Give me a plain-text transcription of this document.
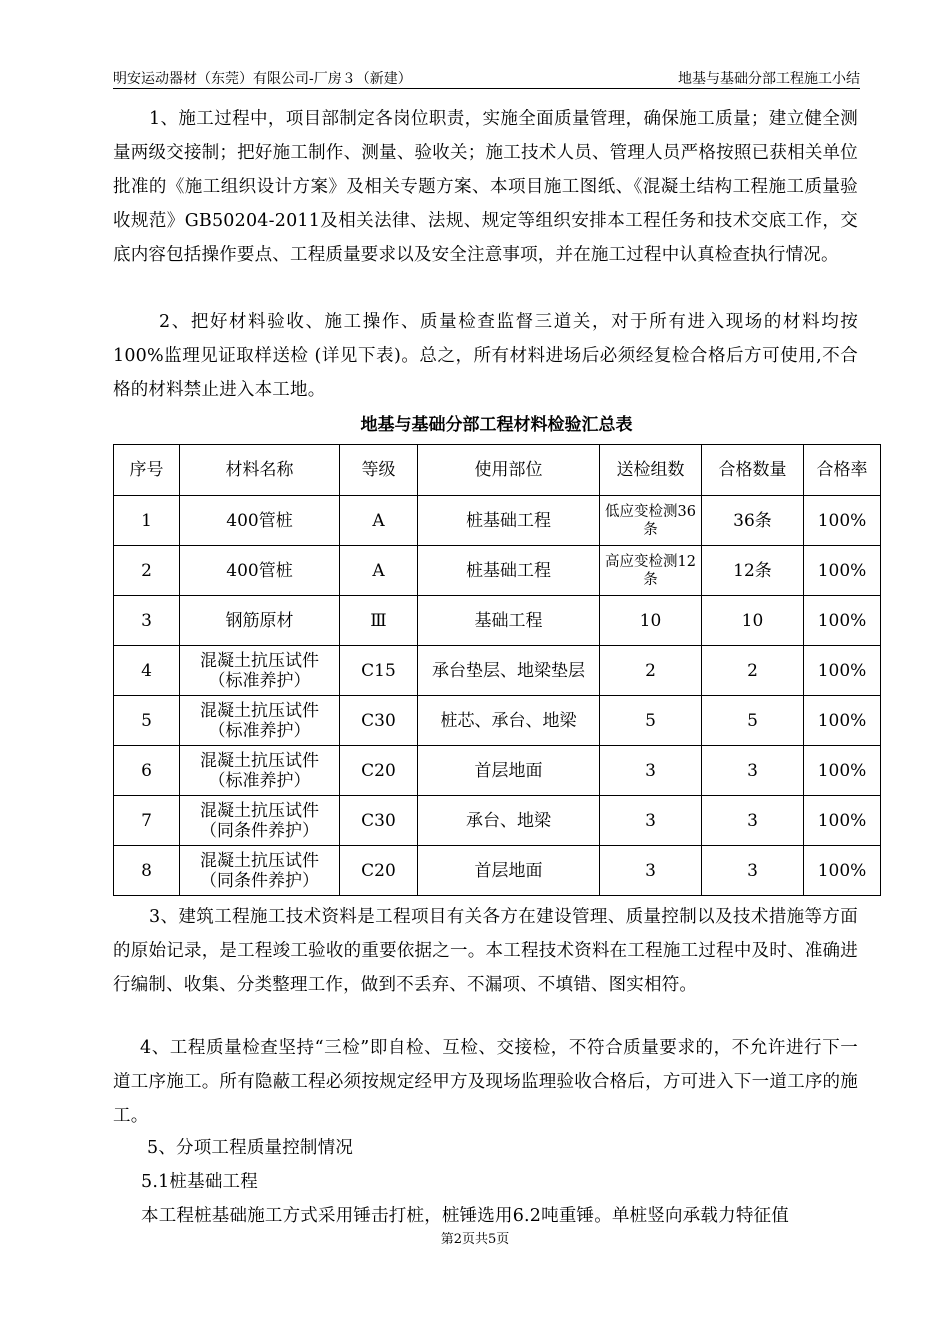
明安运动器材（东莞）有限公司-厂房３（新建）	地基与基础分部工程施工小结
1、施工过程中，项目部制定各岗位职责，实施全面质量管理，确保施工质量；建立健全测量两级交接制；把好施工制作、测量、验收关；施工技术人员、管理人员严格按照已获相关单位批准的《施工组织设计方案》及相关专题方案、本项目施工图纸、《混凝土结构工程施工质量验收规范》GB50204-2011及相关法律、法规、规定等组织安排本工程任务和技术交底工作，交底内容包括操作要点、工程质量要求以及安全注意事项，并在施工过程中认真检查执行情况。
2、把好材料验收、施工操作、质量检查监督三道关，对于所有进入现场的材料均按100%监理见证取样送检 (详见下表)。总之，所有材料进场后必须经复检合格后方可使用,不合格的材料禁止进入本工地。
地基与基础分部工程材料检验汇总表
序号	材料名称	等级	使用部位	送检组数	合格数量	合格率
1	400管桩	A	桩基础工程	低应变检测36条	36条	100%
2	400管桩	A	桩基础工程	高应变检测12条	12条	100%
3	钢筋原材	Ⅲ	基础工程	10	10	100%
4	混凝土抗压试件（标准养护）	C15	承台垫层、地梁垫层	2	2	100%
5	混凝土抗压试件（标准养护）	C30	桩芯、承台、地梁	5	5	100%
6	混凝土抗压试件（标准养护）	C20	首层地面	3	3	100%
7	混凝土抗压试件（同条件养护）	C30	承台、地梁	3	3	100%
8	混凝土抗压试件（同条件养护）	C20	首层地面	3	3	100%
3、建筑工程施工技术资料是工程项目有关各方在建设管理、质量控制以及技术措施等方面的原始记录，是工程竣工验收的重要依据之一。本工程技术资料在工程施工过程中及时、准确进行编制、收集、分类整理工作，做到不丢弃、不漏项、不填错、图实相符。
4、工程质量检查坚持“三检”即自检、互检、交接检，不符合质量要求的，不允许进行下一道工序施工。所有隐蔽工程必须按规定经甲方及现场监理验收合格后，方可进入下一道工序的施工。
5、分项工程质量控制情况
5.1桩基础工程
本工程桩基础施工方式采用锤击打桩，桩锤选用6.2吨重锤。单桩竖向承载力特征值
第2页共5页
